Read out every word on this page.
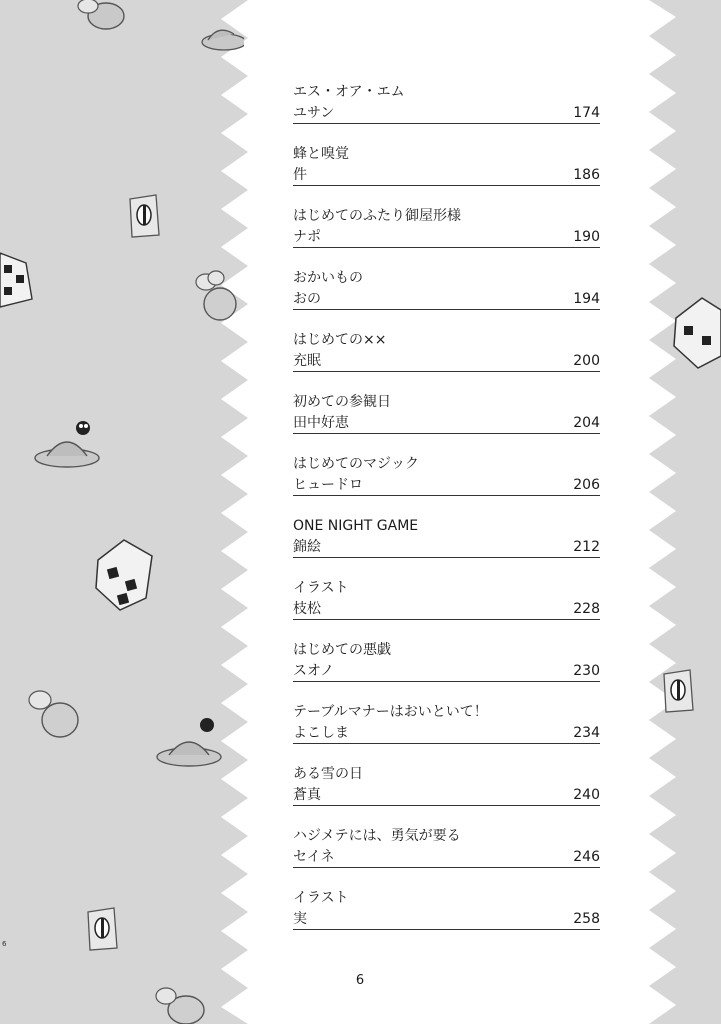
エス・オア・エム
ユサン	174
蜂と嗅覚
件	186
はじめてのふたり御屋形様
ナポ	190
おかいもの
おの	194
はじめての××
充眠	200
初めての参観日
田中好恵	204
はじめてのマジック
ヒュードロ	206
ONE NIGHT GAME
錦絵	212
イラスト
枝松	228
はじめての悪戯
スオノ	230
テーブルマナーはおいといて！
よこしま	234
ある雪の日
蒼真	240
ハジメテには、勇気が要る
セイネ	246
イラスト
実	258
6
6
